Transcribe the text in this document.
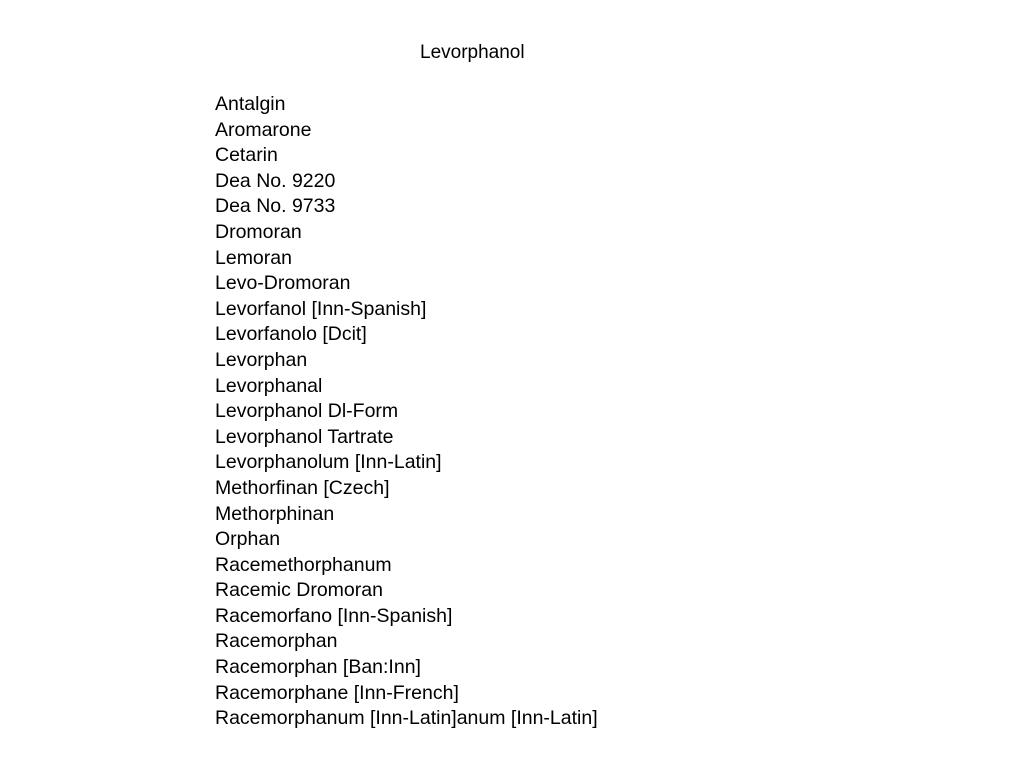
Levorphanol
Antalgin
Aromarone
Cetarin
Dea No. 9220
Dea No. 9733
Dromoran
Lemoran
Levo-Dromoran
Levorfanol [Inn-Spanish]
Levorfanolo [Dcit]
Levorphan
Levorphanal
Levorphanol Dl-Form
Levorphanol Tartrate
Levorphanolum [Inn-Latin]
Methorfinan [Czech]
Methorphinan
Orphan
Racemethorphanum
Racemic Dromoran
Racemorfano [Inn-Spanish]
Racemorphan
Racemorphan [Ban:Inn]
Racemorphane [Inn-French]
Racemorphanum [Inn-Latin]anum [Inn-Latin]
